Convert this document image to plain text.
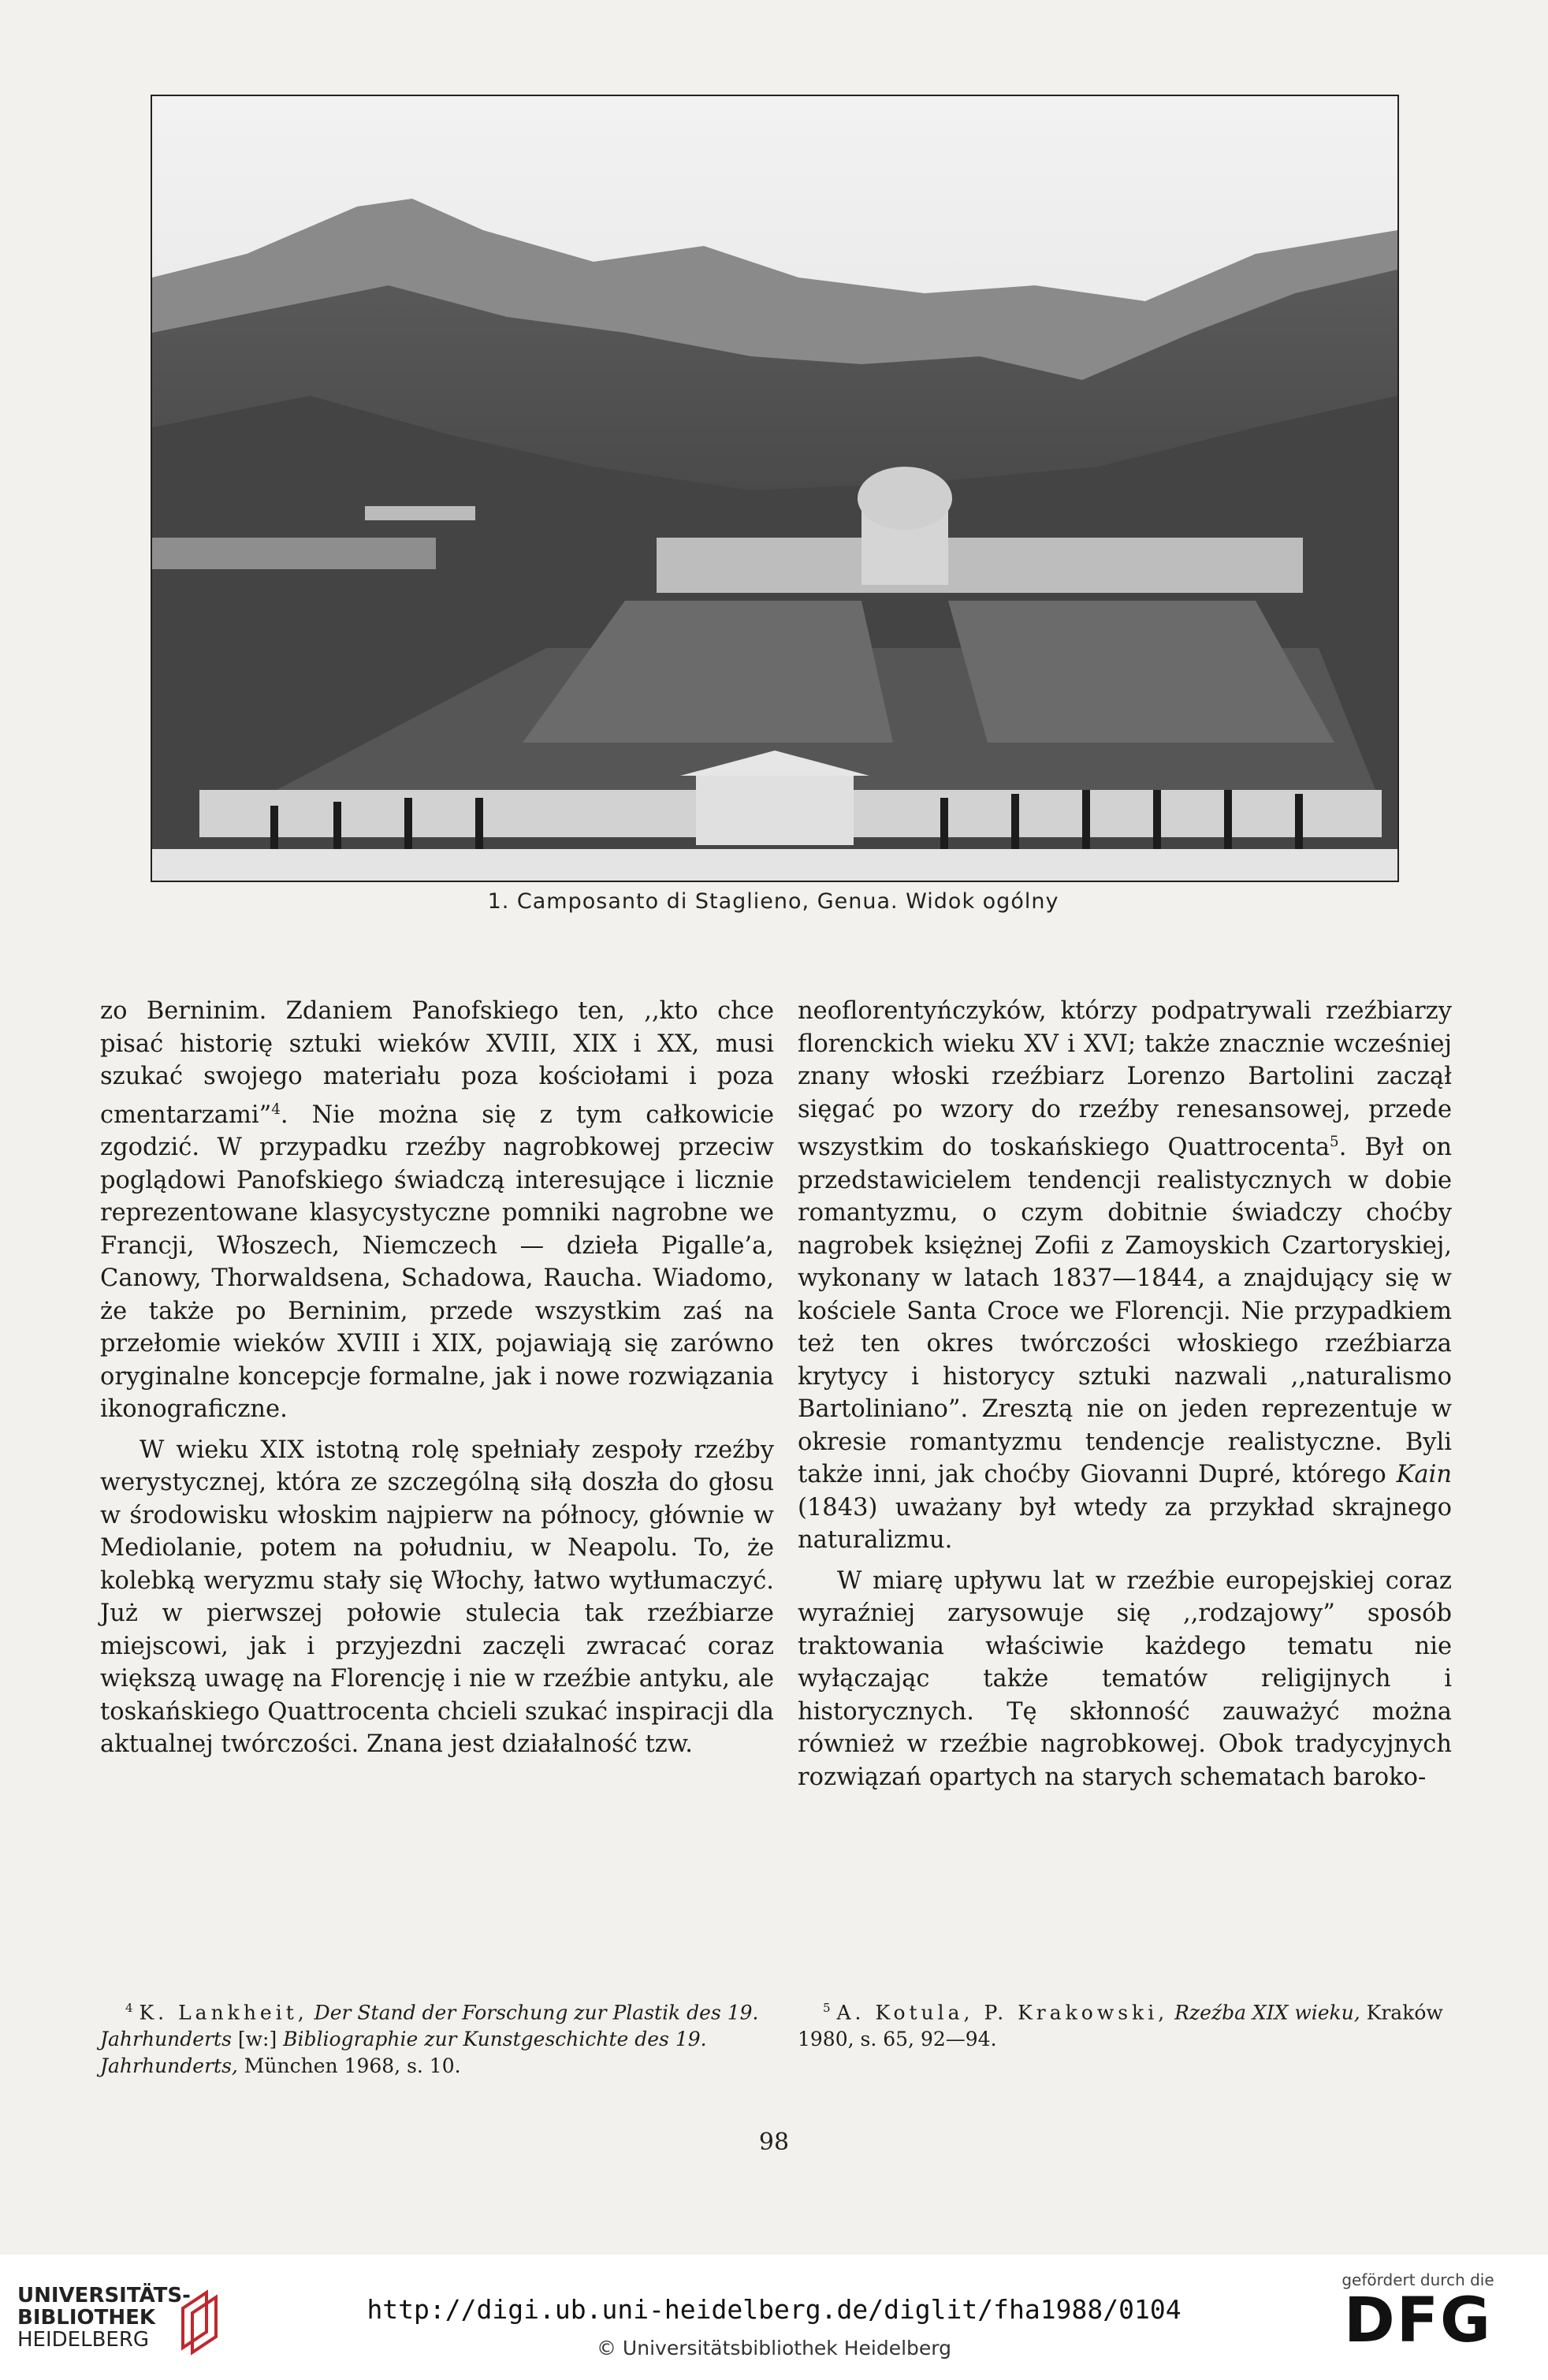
1. Camposanto di Staglieno, Genua. Widok ogólny

zo Berninim. Zdaniem Panofskiego ten, ,,kto chce pisać historię sztuki wieków XVIII, XIX i XX, musi szukać swojego materiału poza kościołami i poza cmentarzami”$^4$. Nie można się z tym całkowicie zgodzić. W przypadku rzeźby nagrobkowej przeciw poglądowi Panofskiego świadczą interesujące i licznie reprezentowane klasycystyczne pomniki nagrobne we Francji, Włoszech, Niemczech — dzieła Pigalle’a, Canowy, Thorwaldsena, Schadowa, Raucha. Wiadomo, że także po Berninim, przede wszystkim zaś na przełomie wieków XVIII i XIX, pojawiają się zarówno oryginalne koncepcje formalne, jak i nowe rozwiązania ikonograficzne.

W wieku XIX istotną rolę spełniały zespoły rzeźby werystycznej, która ze szczególną siłą doszła do głosu w środowisku włoskim najpierw na północy, głównie w Mediolanie, potem na południu, w Neapolu. To, że kolebką weryzmu stały się Włochy, łatwo wytłumaczyć. Już w pierwszej połowie stulecia tak rzeźbiarze miejscowi, jak i przyjezdni zaczęli zwracać coraz większą uwagę na Florencję i nie w rzeźbie antyku, ale toskańskiego Quattrocenta chcieli szukać inspiracji dla aktualnej twórczości. Znana jest działalność tzw.

neoflorentyńczyków, którzy podpatrywali rzeźbiarzy florenckich wieku XV i XVI; także znacznie wcześniej znany włoski rzeźbiarz Lorenzo Bartolini zaczął sięgać po wzory do rzeźby renesansowej, przede wszystkim do toskańskiego Quattrocenta$^5$. Był on przedstawicielem tendencji realistycznych w dobie romantyzmu, o czym dobitnie świadczy choćby nagrobek księżnej Zofii z Zamoyskich Czartoryskiej, wykonany w latach 1837—1844, a znajdujący się w kościele Santa Croce we Florencji. Nie przypadkiem też ten okres twórczości włoskiego rzeźbiarza krytycy i historycy sztuki nazwali ,,naturalismo Bartoliniano”. Zresztą nie on jeden reprezentuje w okresie romantyzmu tendencje realistyczne. Byli także inni, jak choćby Giovanni Dupré, którego Kain (1843) uważany był wtedy za przykład skrajnego naturalizmu.

W miarę upływu lat w rzeźbie europejskiej coraz wyraźniej zarysowuje się ,,rodzajowy” sposób traktowania właściwie każdego tematu nie wyłączając także tematów religijnych i historycznych. Tę skłonność zauważyć można również w rzeźbie nagrobkowej. Obok tradycyjnych rozwiązań opartych na starych schematach baroko-

$^4$ K. Lankheit, Der Stand der Forschung zur Plastik des 19. Jahrhunderts [w:] Bibliographie zur Kunstgeschichte des 19. Jahrhunderts, München 1968, s. 10.
$^5$ A. Kotula, P. Krakowski, Rzeźba XIX wieku, Kraków 1980, s. 65, 92—94.
98
UNIVERSITÄTS-
BIBLIOTHEK
HEIDELBERG
http://digi.ub.uni-heidelberg.de/diglit/fha1988/0104
© Universitätsbibliothek Heidelberg
gefördert durch die
DFG
